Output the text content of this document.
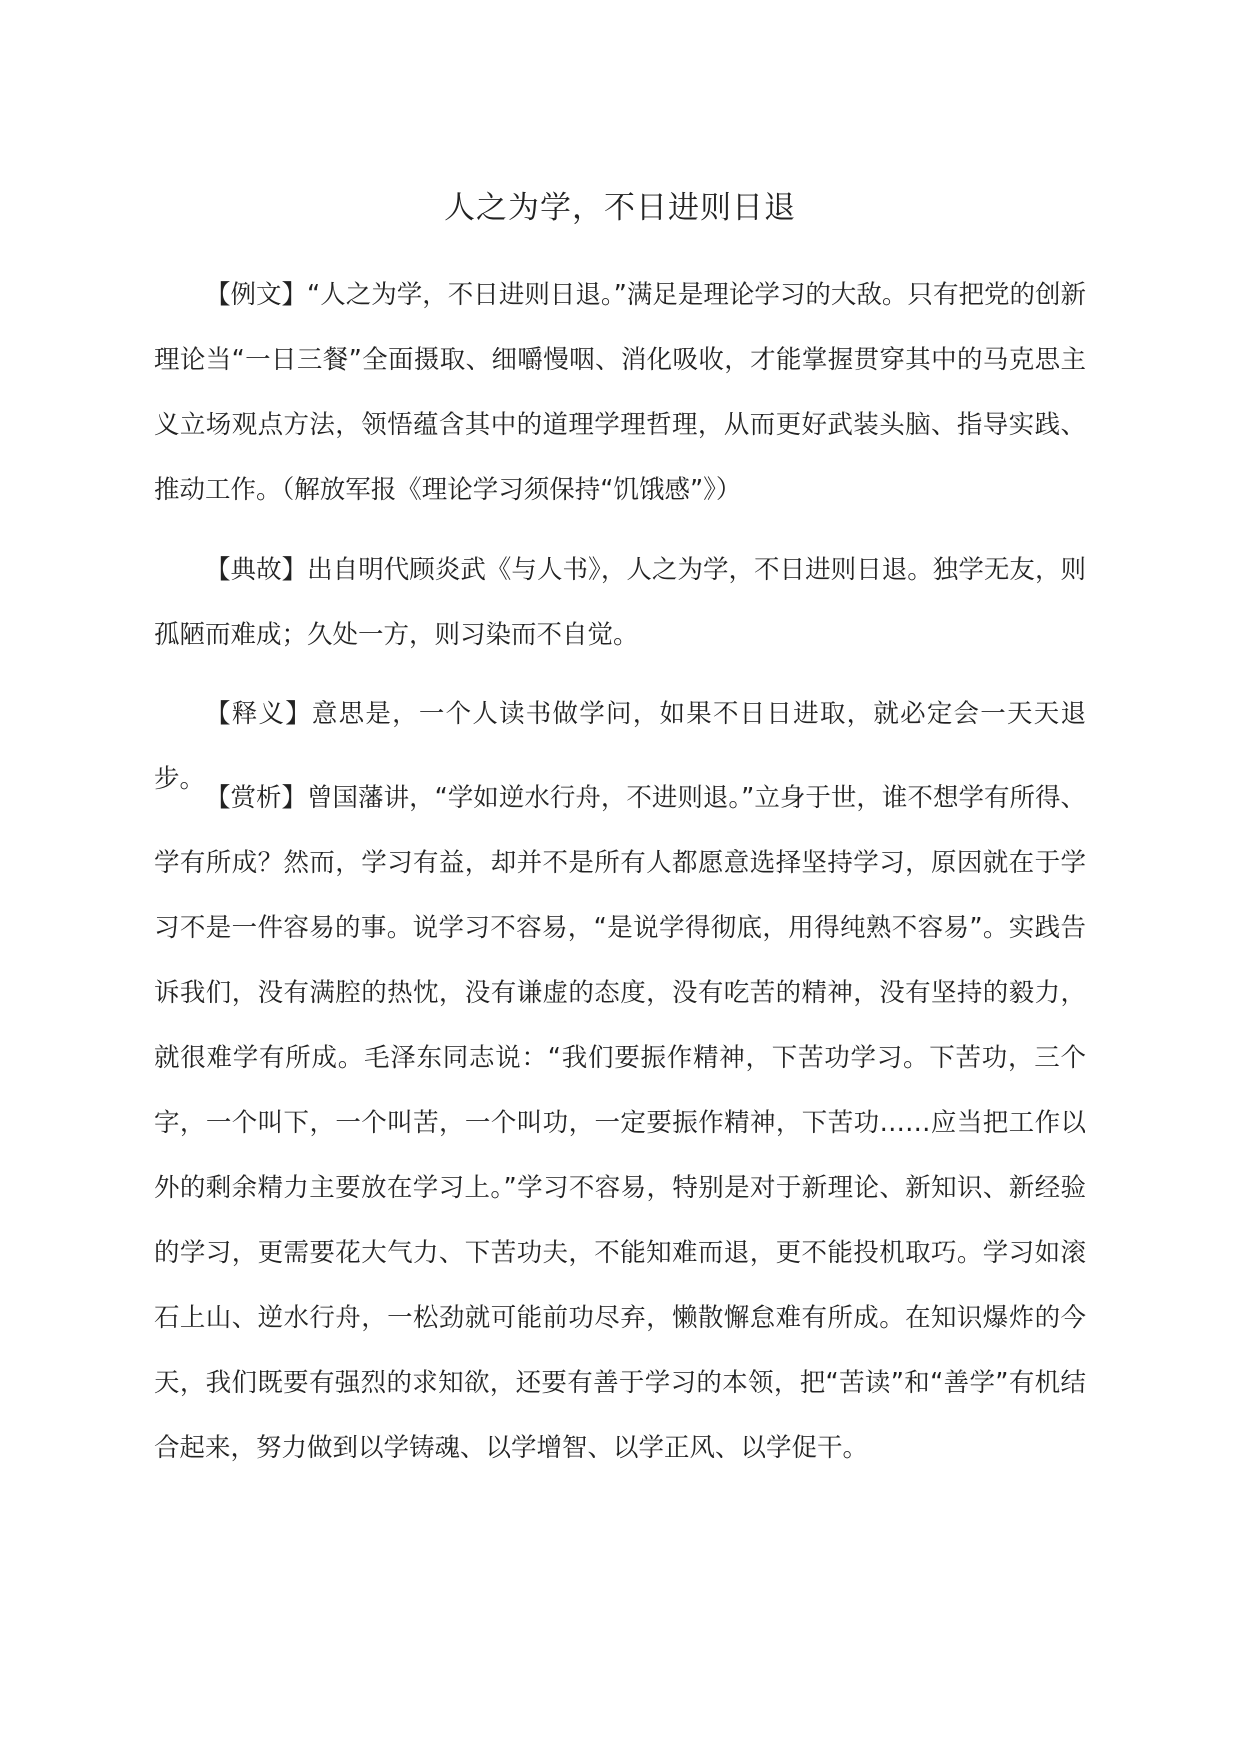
人之为学，不日进则日退

【例文】“人之为学，不日进则日退。”满足是理论学习的大敌。只有把党的创新理论当“一日三餐”全面摄取、细嚼慢咽、消化吸收，才能掌握贯穿其中的马克思主义立场观点方法，领悟蕴含其中的道理学理哲理，从而更好武装头脑、指导实践、推动工作。（解放军报《理论学习须保持“饥饿感”》）

【典故】出自明代顾炎武《与人书》，人之为学，不日进则日退。独学无友，则孤陋而难成；久处一方，则习染而不自觉。

【释义】意思是，一个人读书做学问，如果不日日进取，就必定会一天天退步。

【赏析】曾国藩讲，“学如逆水行舟，不进则退。”立身于世，谁不想学有所得、学有所成？然而，学习有益，却并不是所有人都愿意选择坚持学习，原因就在于学习不是一件容易的事。说学习不容易，“是说学得彻底，用得纯熟不容易”。实践告诉我们，没有满腔的热忱，没有谦虚的态度，没有吃苦的精神，没有坚持的毅力，就很难学有所成。毛泽东同志说：“我们要振作精神，下苦功学习。下苦功，三个字，一个叫下，一个叫苦，一个叫功，一定要振作精神，下苦功……应当把工作以外的剩余精力主要放在学习上。”学习不容易，特别是对于新理论、新知识、新经验的学习，更需要花大气力、下苦功夫，不能知难而退，更不能投机取巧。学习如滚石上山、逆水行舟，一松劲就可能前功尽弃，懒散懈怠难有所成。在知识爆炸的今天，我们既要有强烈的求知欲，还要有善于学习的本领，把“苦读”和“善学”有机结合起来，努力做到以学铸魂、以学增智、以学正风、以学促干。
